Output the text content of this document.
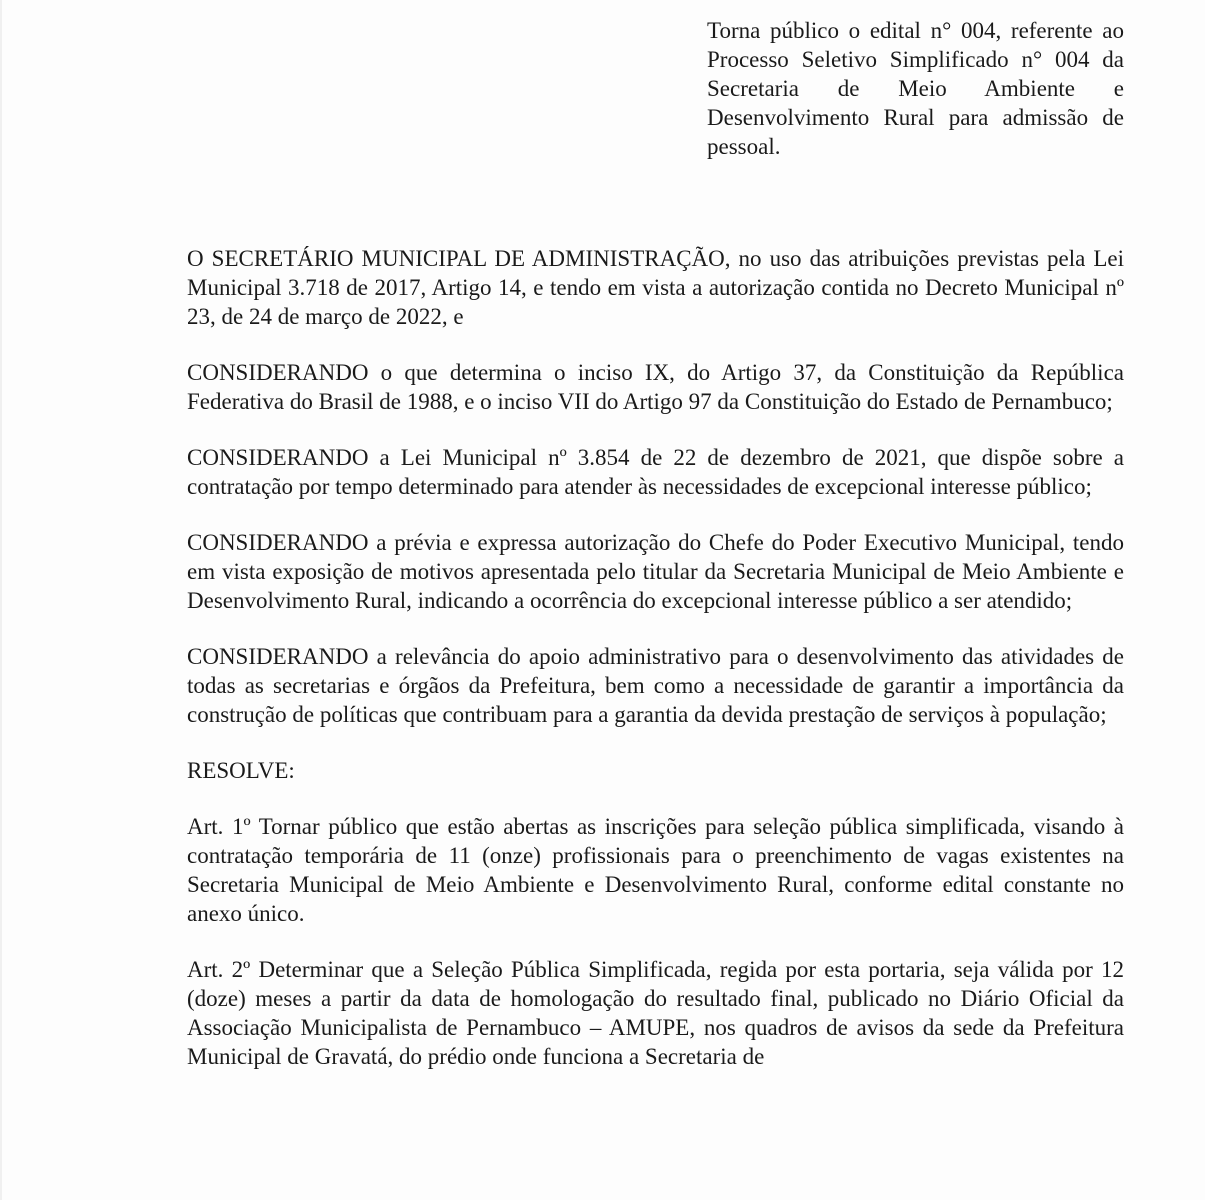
Torna público o edital n° 004, referente ao Processo Seletivo Simplificado n° 004 da Secretaria de Meio Ambiente e Desenvolvimento Rural para admissão de pessoal.

O SECRETÁRIO MUNICIPAL DE ADMINISTRAÇÃO, no uso das atribuições previstas pela Lei Municipal 3.718 de 2017, Artigo 14, e tendo em vista a autorização contida no Decreto Municipal nº 23, de 24 de março de 2022, e

CONSIDERANDO o que determina o inciso IX, do Artigo 37, da Constituição da República Federativa do Brasil de 1988, e o inciso VII do Artigo 97 da Constituição do Estado de Pernambuco;

CONSIDERANDO a Lei Municipal nº 3.854 de 22 de dezembro de 2021, que dispõe sobre a contratação por tempo determinado para atender às necessidades de excepcional interesse público;

CONSIDERANDO a prévia e expressa autorização do Chefe do Poder Executivo Municipal, tendo em vista exposição de motivos apresentada pelo titular da Secretaria Municipal de Meio Ambiente e Desenvolvimento Rural, indicando a ocorrência do excepcional interesse público a ser atendido;

CONSIDERANDO a relevância do apoio administrativo para o desenvolvimento das atividades de todas as secretarias e órgãos da Prefeitura, bem como a necessidade de garantir a importância da construção de políticas que contribuam para a garantia da devida prestação de serviços à população;

RESOLVE:

Art. 1º Tornar público que estão abertas as inscrições para seleção pública simplificada, visando à contratação temporária de 11 (onze) profissionais para o preenchimento de vagas existentes na Secretaria Municipal de Meio Ambiente e Desenvolvimento Rural, conforme edital constante no anexo único.

Art. 2º Determinar que a Seleção Pública Simplificada, regida por esta portaria, seja válida por 12 (doze) meses a partir da data de homologação do resultado final, publicado no Diário Oficial da Associação Municipalista de Pernambuco – AMUPE, nos quadros de avisos da sede da Prefeitura Municipal de Gravatá, do prédio onde funciona a Secretaria de
